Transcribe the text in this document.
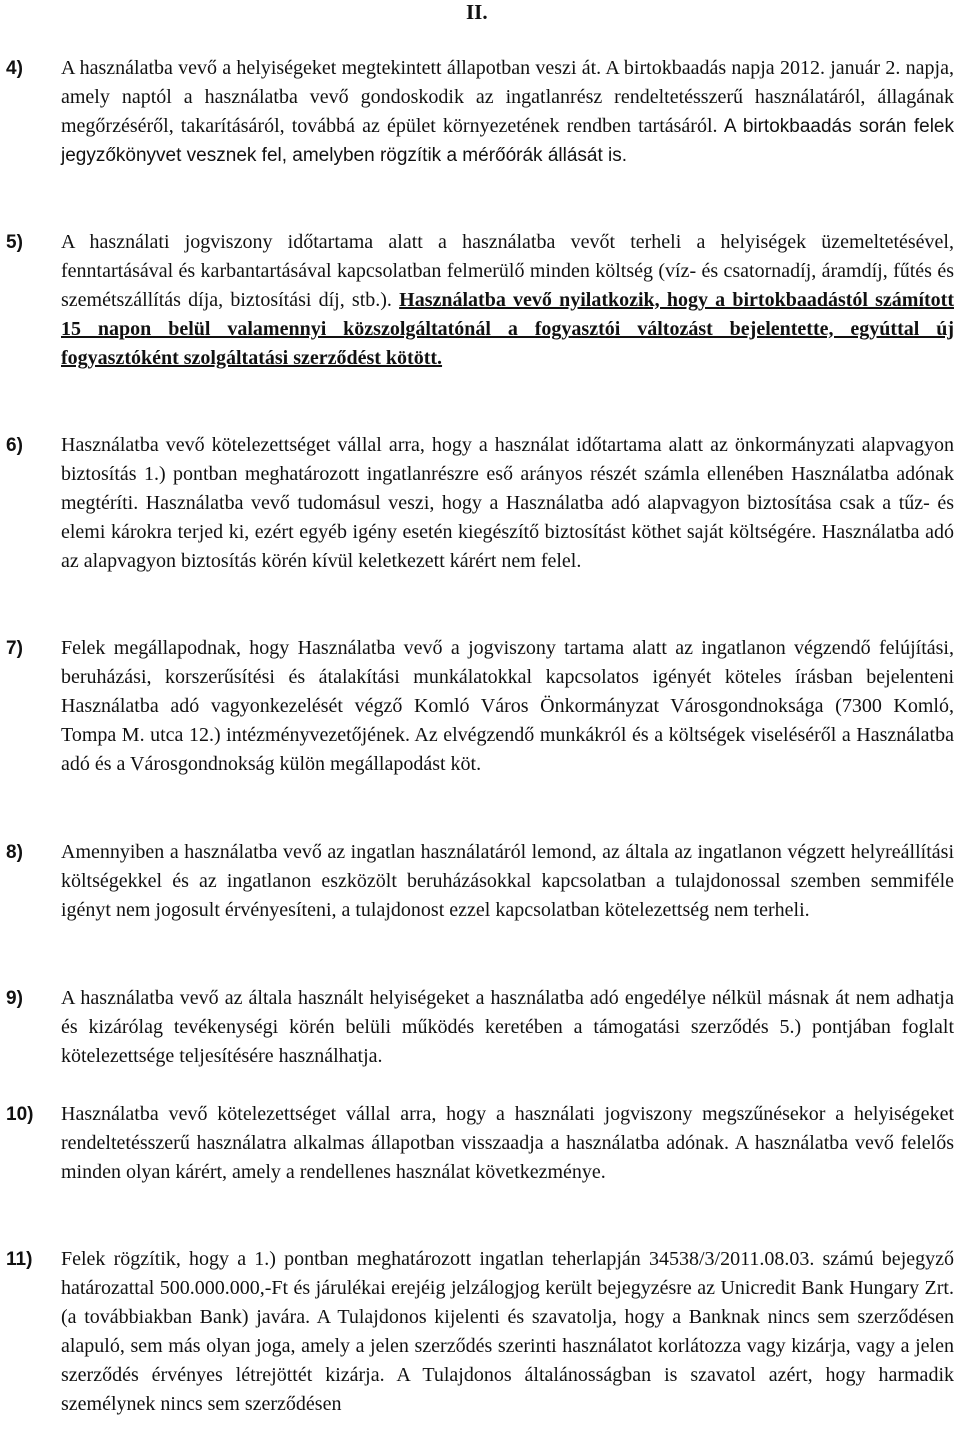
II.
4) A használatba vevő a helyiségeket megtekintett állapotban veszi át. A birtokbaadás napja 2012. január 2. napja, amely naptól a használatba vevő gondoskodik az ingatlanrész rendeltetésszerű használatáról, állagának megőrzéséről, takarításáról, továbbá az épület környezetének rendben tartásáról. A birtokbaadás során felek jegyzőkönyvet vesznek fel, amelyben rögzítik a mérőórák állását is.
5) A használati jogviszony időtartama alatt a használatba vevőt terheli a helyiségek üzemeltetésével, fenntartásával és karbantartásával kapcsolatban felmerülő minden költség (víz- és csatornadíj, áramdíj, fűtés és szemétszállítás díja, biztosítási díj, stb.). Használatba vevő nyilatkozik, hogy a birtokbaadástól számított 15 napon belül valamennyi közszolgáltatónál a fogyasztói változást bejelentette, egyúttal új fogyasztóként szolgáltatási szerződést kötött.
6) Használatba vevő kötelezettséget vállal arra, hogy a használat időtartama alatt az önkormányzati alapvagyon biztosítás 1.) pontban meghatározott ingatlanrészre eső arányos részét számla ellenében Használatba adónak megtéríti. Használatba vevő tudomásul veszi, hogy a Használatba adó alapvagyon biztosítása csak a tűz- és elemi károkra terjed ki, ezért egyéb igény esetén kiegészítő biztosítást köthet saját költségére. Használatba adó az alapvagyon biztosítás körén kívül keletkezett kárért nem felel.
7) Felek megállapodnak, hogy Használatba vevő a jogviszony tartama alatt az ingatlanon végzendő felújítási, beruházási, korszerűsítési és átalakítási munkálatokkal kapcsolatos igényét köteles írásban bejelenteni Használatba adó vagyonkezelését végző Komló Város Önkormányzat Városgondnoksága (7300 Komló, Tompa M. utca 12.) intézményvezetőjének. Az elvégzendő munkákról és a költségek viseléséről a Használatba adó és a Városgondnokság külön megállapodást köt.
8) Amennyiben a használatba vevő az ingatlan használatáról lemond, az általa az ingatlanon végzett helyreállítási költségekkel és az ingatlanon eszközölt beruházásokkal kapcsolatban a tulajdonossal szemben semmiféle igényt nem jogosult érvényesíteni, a tulajdonost ezzel kapcsolatban kötelezettség nem terheli.
9) A használatba vevő az általa használt helyiségeket a használatba adó engedélye nélkül másnak át nem adhatja és kizárólag tevékenységi körén belüli működés keretében a támogatási szerződés 5.) pontjában foglalt kötelezettsége teljesítésére használhatja.
10) Használatba vevő kötelezettséget vállal arra, hogy a használati jogviszony megszűnésekor a helyiségeket rendeltetésszerű használatra alkalmas állapotban visszaadja a használatba adónak. A használatba vevő felelős minden olyan kárért, amely a rendellenes használat következménye.
11) Felek rögzítik, hogy a 1.) pontban meghatározott ingatlan teherlapján 34538/3/2011.08.03. számú bejegyző határozattal 500.000.000,-Ft és járulékai erejéig jelzálogjog került bejegyzésre az Unicredit Bank Hungary Zrt. (a továbbiakban Bank) javára. A Tulajdonos kijelenti és szavatolja, hogy a Banknak nincs sem szerződésen alapuló, sem más olyan joga, amely a jelen szerződés szerinti használatot korlátozza vagy kizárja, vagy a jelen szerződés érvényes létrejöttét kizárja. A Tulajdonos általánosságban is szavatol azért, hogy harmadik személynek nincs sem szerződésen
